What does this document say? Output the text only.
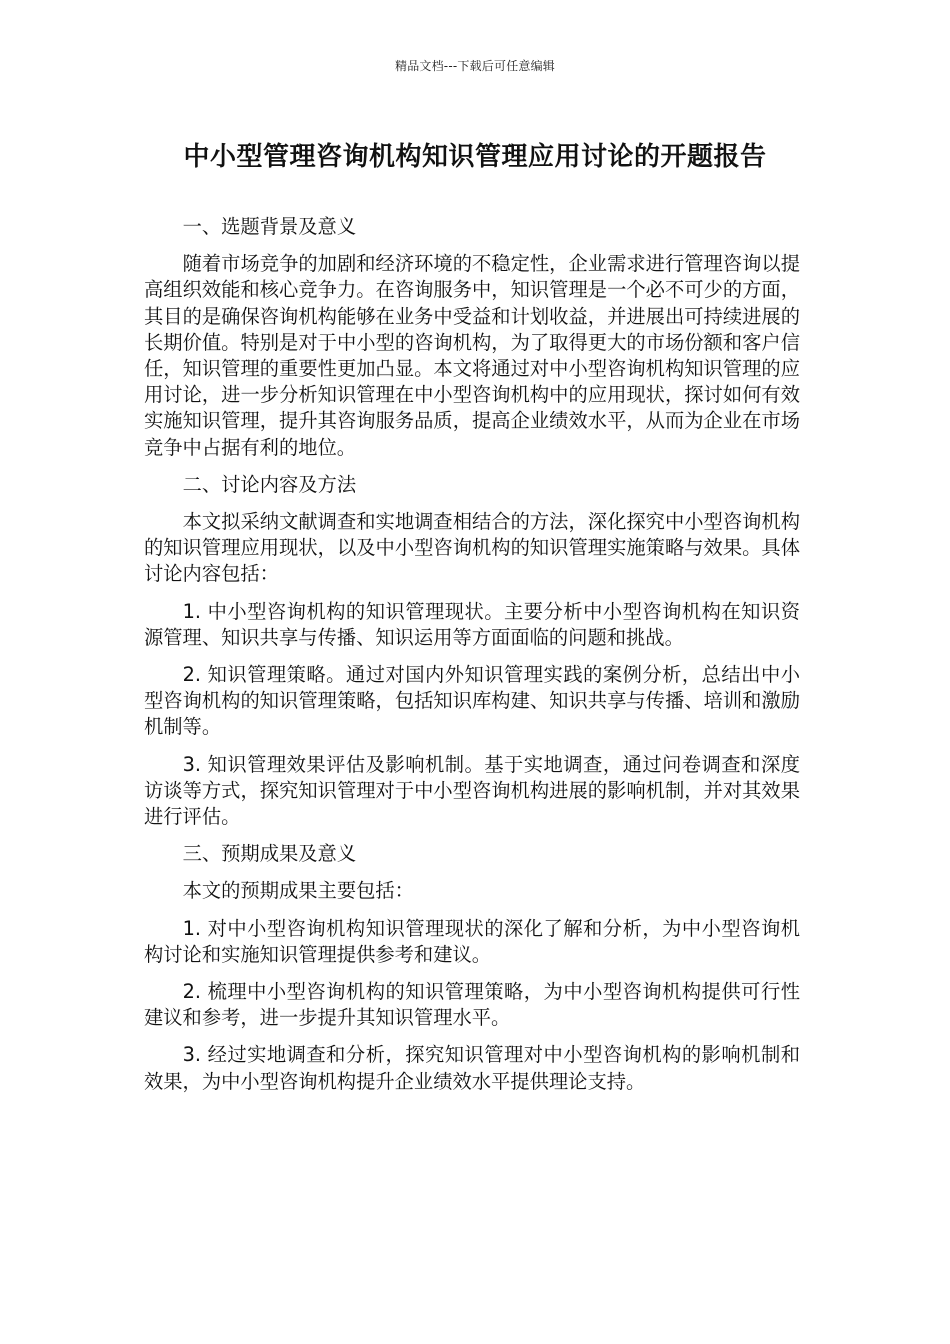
精品文档---下载后可任意编辑
中小型管理咨询机构知识管理应用讨论的开题报告

一、选题背景及意义

随着市场竞争的加剧和经济环境的不稳定性，企业需求进行管理咨询以提高组织效能和核心竞争力。在咨询服务中，知识管理是一个必不可少的方面，其目的是确保咨询机构能够在业务中受益和计划收益，并进展出可持续进展的长期价值。特别是对于中小型的咨询机构，为了取得更大的市场份额和客户信任，知识管理的重要性更加凸显。本文将通过对中小型咨询机构知识管理的应用讨论，进一步分析知识管理在中小型咨询机构中的应用现状，探讨如何有效实施知识管理，提升其咨询服务品质，提高企业绩效水平，从而为企业在市场竞争中占据有利的地位。

二、讨论内容及方法

本文拟采纳文献调查和实地调查相结合的方法，深化探究中小型咨询机构的知识管理应用现状，以及中小型咨询机构的知识管理实施策略与效果。具体讨论内容包括：

1. 中小型咨询机构的知识管理现状。主要分析中小型咨询机构在知识资源管理、知识共享与传播、知识运用等方面面临的问题和挑战。

2. 知识管理策略。通过对国内外知识管理实践的案例分析，总结出中小型咨询机构的知识管理策略，包括知识库构建、知识共享与传播、培训和激励机制等。

3. 知识管理效果评估及影响机制。基于实地调查，通过问卷调查和深度访谈等方式，探究知识管理对于中小型咨询机构进展的影响机制，并对其效果进行评估。

三、预期成果及意义

本文的预期成果主要包括：

1. 对中小型咨询机构知识管理现状的深化了解和分析，为中小型咨询机构讨论和实施知识管理提供参考和建议。

2. 梳理中小型咨询机构的知识管理策略，为中小型咨询机构提供可行性建议和参考，进一步提升其知识管理水平。

3. 经过实地调查和分析，探究知识管理对中小型咨询机构的影响机制和效果，为中小型咨询机构提升企业绩效水平提供理论支持。
